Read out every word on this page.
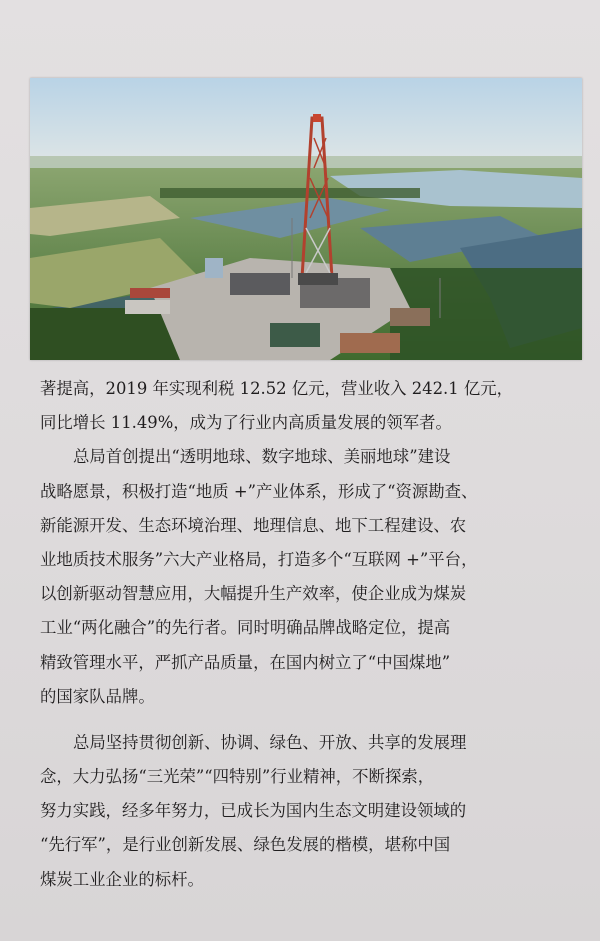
著提高，2019 年实现利税 12.52 亿元，营业收入 242.1 亿元，
同比增长 11.49%，成为了行业内高质量发展的领军者。
总局首创提出“透明地球、数字地球、美丽地球”建设
战略愿景，积极打造“地质 +”产业体系，形成了“资源勘查、
新能源开发、生态环境治理、地理信息、地下工程建设、农
业地质技术服务”六大产业格局，打造多个“互联网 +”平台，
以创新驱动智慧应用，大幅提升生产效率，使企业成为煤炭
工业“两化融合”的先行者。同时明确品牌战略定位，提高
精致管理水平，严抓产品质量，在国内树立了“中国煤地”
的国家队品牌。
总局坚持贯彻创新、协调、绿色、开放、共享的发展理
念，大力弘扬“三光荣”“四特别”行业精神，不断探索，
努力实践，经多年努力，已成长为国内生态文明建设领域的
“先行军”，是行业创新发展、绿色发展的楷模，堪称中国
煤炭工业企业的标杆。
